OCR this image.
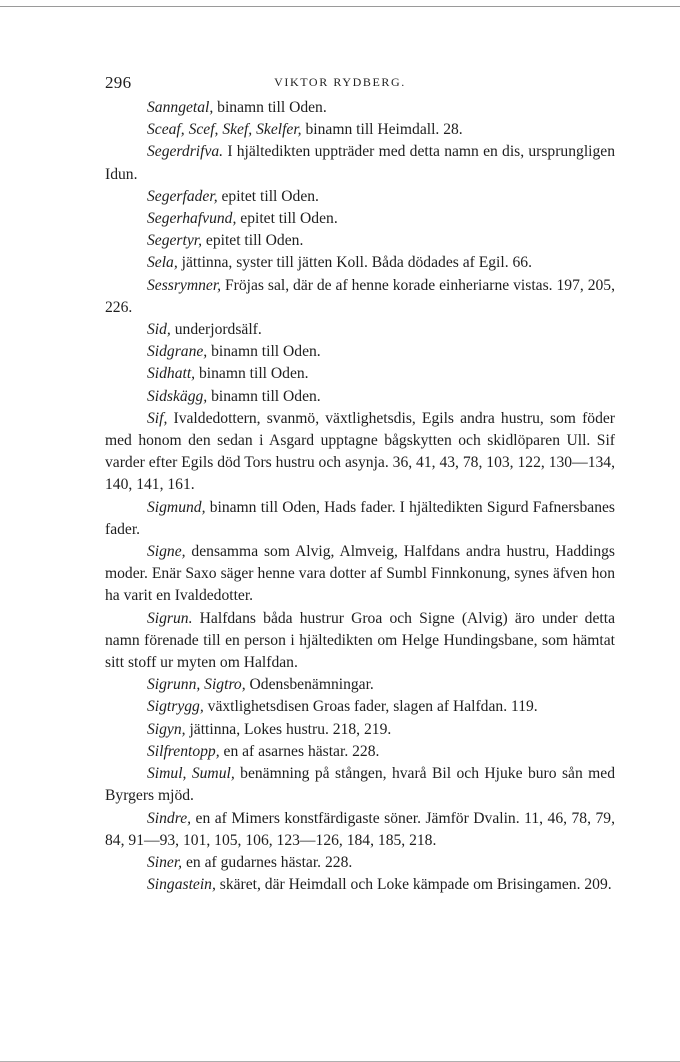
296	VIKTOR RYDBERG.

Sanngetal, binamn till Oden.

Sceaf, Scef, Skef, Skelfer, binamn till Heimdall. 28.

Segerdrifva. I hjältedikten uppträder med detta namn en dis, ursprungligen Idun.

Segerfader, epitet till Oden.

Segerhafvund, epitet till Oden.

Segertyr, epitet till Oden.

Sela, jättinna, syster till jätten Koll. Båda dödades af Egil. 66.

Sessrymner, Fröjas sal, där de af henne korade einheriarne vistas. 197, 205, 226.

Sid, underjordsälf.

Sidgrane, binamn till Oden.

Sidhatt, binamn till Oden.

Sidskägg, binamn till Oden.

Sif, Ivaldedottern, svanmö, växtlighetsdis, Egils andra hustru, som föder med honom den sedan i Asgard upptagne bågskytten och skidlöparen Ull. Sif varder efter Egils död Tors hustru och asynja. 36, 41, 43, 78, 103, 122, 130—134, 140, 141, 161.

Sigmund, binamn till Oden, Hads fader. I hjältedikten Sigurd Fafnersbanes fader.

Signe, densamma som Alvig, Almveig, Halfdans andra hustru, Haddings moder. Enär Saxo säger henne vara dotter af Sumbl Finnkonung, synes äfven hon ha varit en Ivaldedotter.

Sigrun. Halfdans båda hustrur Groa och Signe (Alvig) äro under detta namn förenade till en person i hjältedikten om Helge Hundingsbane, som hämtat sitt stoff ur myten om Halfdan.

Sigrunn, Sigtro, Odensbenämningar.

Sigtrygg, växtlighetsdisen Groas fader, slagen af Halfdan. 119.

Sigyn, jättinna, Lokes hustru. 218, 219.

Silfrentopp, en af asarnes hästar. 228.

Simul, Sumul, benämning på stången, hvarå Bil och Hjuke buro sån med Byrgers mjöd.

Sindre, en af Mimers konstfärdigaste söner. Jämför Dvalin. 11, 46, 78, 79, 84, 91—93, 101, 105, 106, 123—126, 184, 185, 218.

Siner, en af gudarnes hästar. 228.

Singastein, skäret, där Heimdall och Loke kämpade om Brisingamen. 209.
